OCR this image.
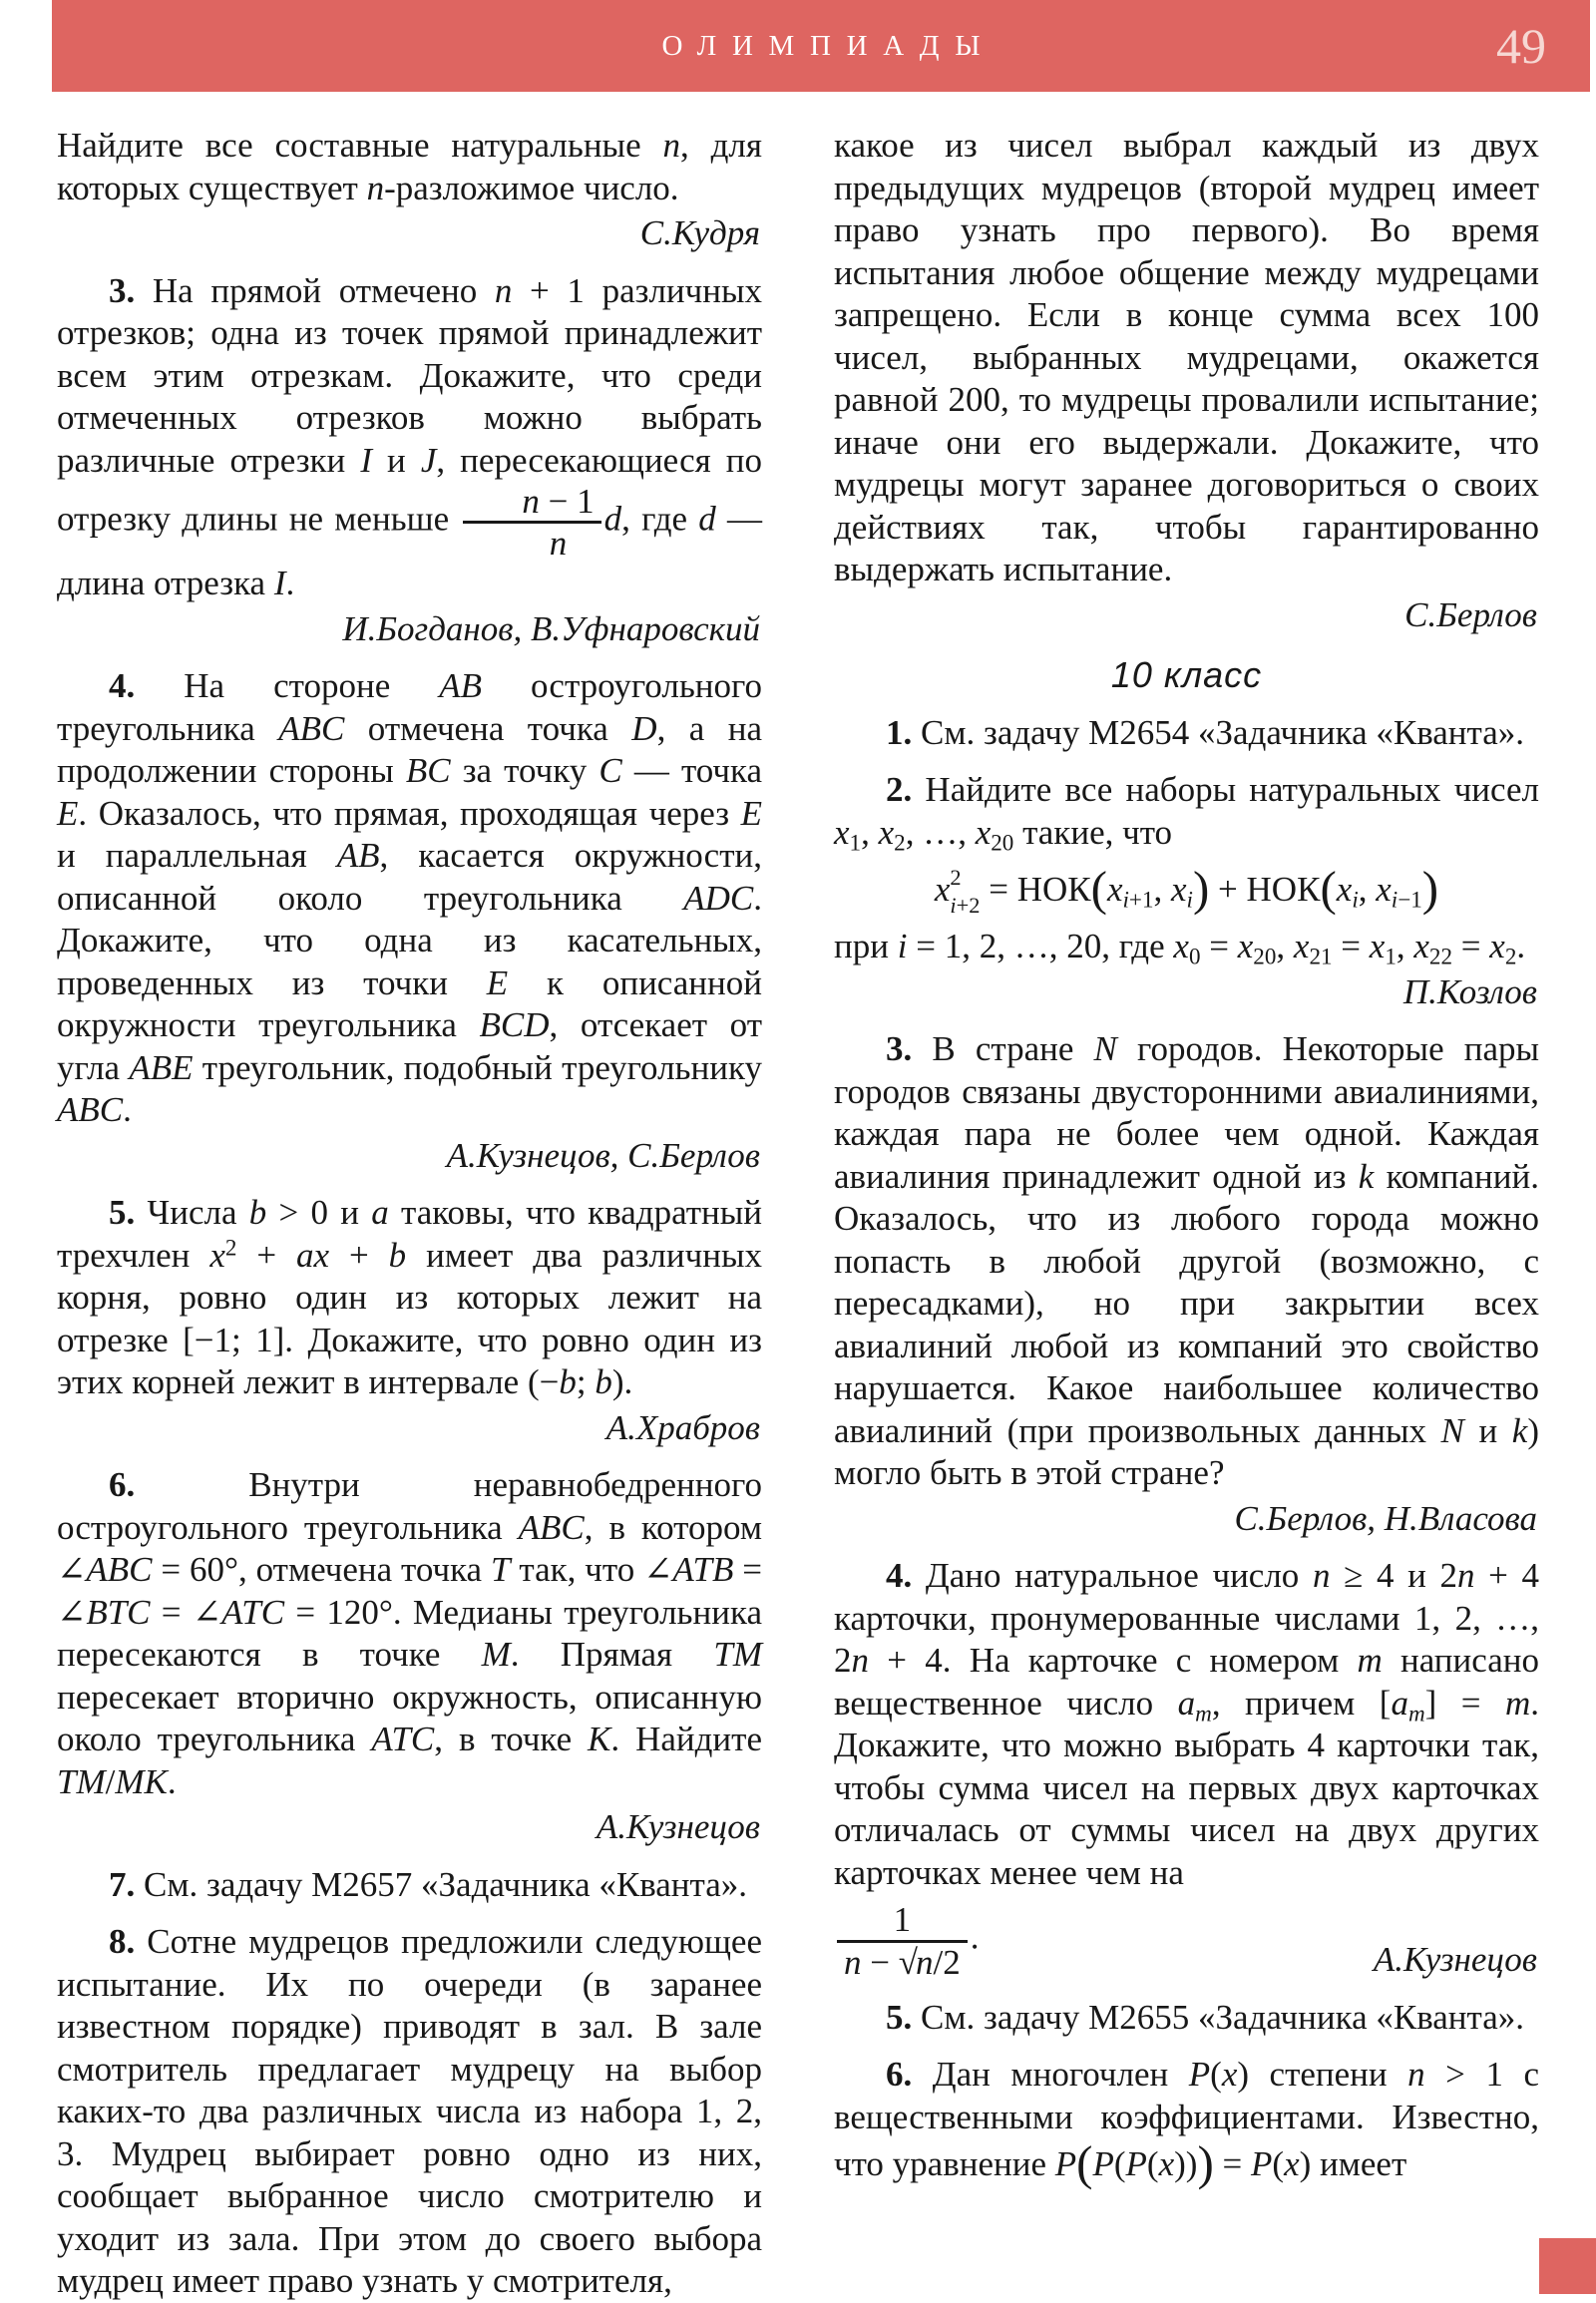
ОЛИМПИАДЫ	49
Найдите все составные натуральные n, для которых существует n-разложимое число.
С.Кудря
3. На прямой отмечено n + 1 различных отрезков; одна из точек прямой принадлежит всем этим отрезкам. Докажите, что среди отмеченных отрезков можно выбрать различные отрезки I и J, пересекающиеся по отрезку длины не меньше $\frac{n - 1}{n} d$, где d — длина отрезка I.
И.Богданов, В.Уфнаровский
4. На стороне AB остроугольного треугольника ABC отмечена точка D, а на продолжении стороны BC за точку C — точка E. Оказалось, что прямая, проходящая через E и параллельная AB, касается окружности, описанной около треугольника ADC. Докажите, что одна из касательных, проведенных из точки E к описанной окружности треугольника BCD, отсекает от угла ABE треугольник, подобный треугольнику ABC.
А.Кузнецов, С.Берлов
5. Числа b > 0 и a таковы, что квадратный трехчлен $x^2$ + ax + b имеет два различных корня, ровно один из которых лежит на отрезке [−1; 1]. Докажите, что ровно один из этих корней лежит в интервале (−b; b).
А.Храбров
6. Внутри неравнобедренного остроугольного треугольника ABC, в котором ∠ABC = 60°, отмечена точка T так, что ∠ATB = ∠BTC = ∠ATC = 120°. Медианы треугольника пересекаются в точке M. Прямая TM пересекает вторично окружность, описанную около треугольника ATC, в точке K. Найдите TM/MK.
А.Кузнецов
7. См. задачу М2657 «Задачника «Кванта».
8. Сотне мудрецов предложили следующее испытание. Их по очереди (в заранее известном порядке) приводят в зал. В зале смотритель предлагает мудрецу на выбор каких-то два различных числа из набора 1, 2, 3. Мудрец выбирает ровно одно из них, сообщает выбранное число смотрителю и уходит из зала. При этом до своего выбора мудрец имеет право узнать у смотрителя,
какое из чисел выбрал каждый из двух предыдущих мудрецов (второй мудрец имеет право узнать про первого). Во время испытания любое общение между мудрецами запрещено. Если в конце сумма всех 100 чисел, выбранных мудрецами, окажется равной 200, то мудрецы провалили испытание; иначе они его выдержали. Докажите, что мудрецы могут заранее договориться о своих действиях так, чтобы гарантированно выдержать испытание.
С.Берлов
10 класс
1. См. задачу М2654 «Задачника «Кванта».
2. Найдите все наборы натуральных чисел $x_1$, $x_2$, …, $x_{20}$ такие, что
x 2
$i+2 = НОК(x_{i+1}$, $x_i) + НОК(x_i$, $x_{i-1}$)
при i = 1, 2, …, 20, где $x_0 = x_{20}$, $x_{21} = x_1$, $x_{22} = x_2$.
П.Козлов
3. В стране N городов. Некоторые пары городов связаны двусторонними авиалиниями, каждая пара не более чем одной. Каждая авиалиния принадлежит одной из k компаний. Оказалось, что из любого города можно попасть в любой другой (возможно, с пересадками), но при закрытии всех авиалиний любой из компаний это свойство нарушается. Какое наибольшее количество авиалиний (при произвольных данных N и k) могло быть в этой стране?
С.Берлов, Н.Власова
4. Дано натуральное число n ≥ 4 и 2n + 4 карточки, пронумерованные числами 1, 2, …, 2n + 4. На карточке с номером m написано вещественное число $a_m$, причем $[a_m] = m$. Докажите, что можно выбрать 4 карточки так, чтобы сумма чисел на первых двух карточках отличалась от суммы чисел на двух других карточках менее чем на
$\frac{1}{n - √n/2}$ .
А.Кузнецов
5. См. задачу М2655 «Задачника «Кванта».
6. Дан многочлен P(x) степени n > 1 с вещественными коэффициентами. Известно, что уравнение P(P(P(x))) = P(x) имеет
